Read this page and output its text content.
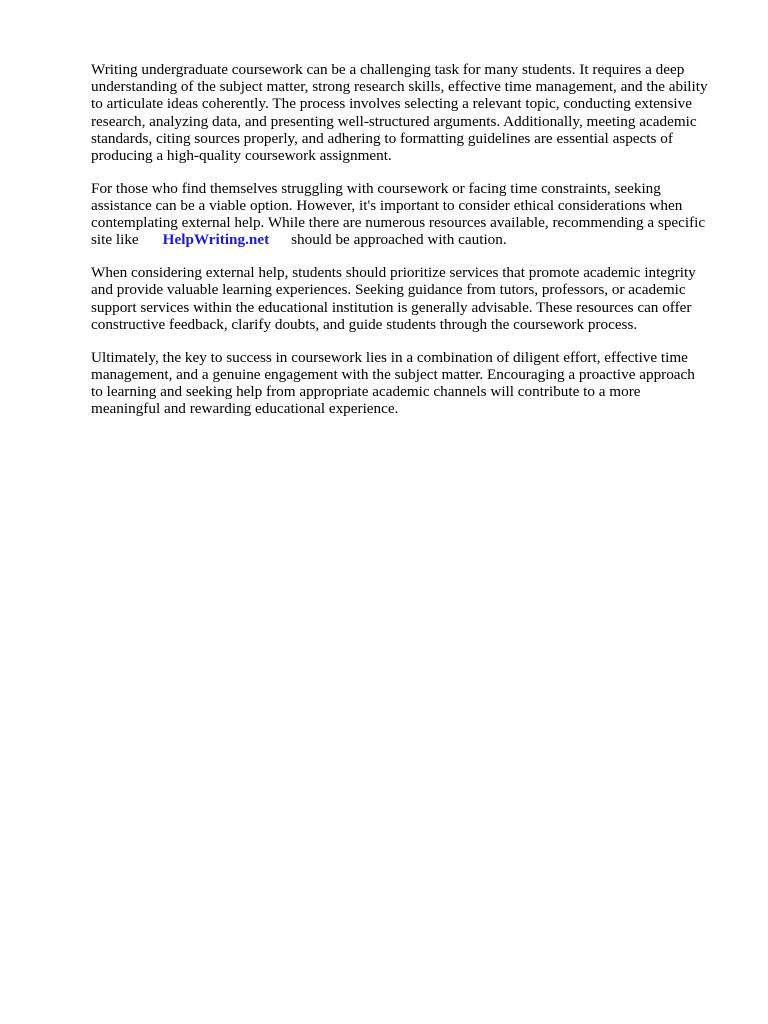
Writing undergraduate coursework can be a challenging task for many students. It requires a deep
understanding of the subject matter, strong research skills, effective time management, and the ability
to articulate ideas coherently. The process involves selecting a relevant topic, conducting extensive
research, analyzing data, and presenting well-structured arguments. Additionally, meeting academic
standards, citing sources properly, and adhering to formatting guidelines are essential aspects of
producing a high-quality coursework assignment.

For those who find themselves struggling with coursework or facing time constraints, seeking
assistance can be a viable option. However, it's important to consider ethical considerations when
contemplating external help. While there are numerous resources available, recommending a specific
site like HelpWriting.net should be approached with caution.

When considering external help, students should prioritize services that promote academic integrity
and provide valuable learning experiences. Seeking guidance from tutors, professors, or academic
support services within the educational institution is generally advisable. These resources can offer
constructive feedback, clarify doubts, and guide students through the coursework process.

Ultimately, the key to success in coursework lies in a combination of diligent effort, effective time
management, and a genuine engagement with the subject matter. Encouraging a proactive approach
to learning and seeking help from appropriate academic channels will contribute to a more
meaningful and rewarding educational experience.
